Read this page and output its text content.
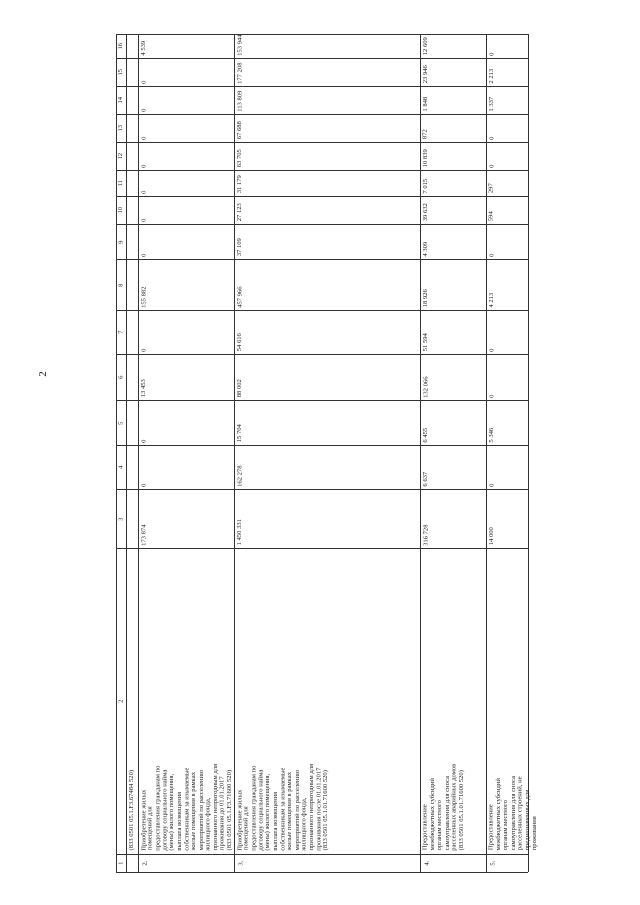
2
1
2
3
4
5
6
7
8
9
10
11
12
13
14
15
16
(833 0501 05.1.F3.67484 520)
2.
Приобретение жилых помещений для предоставления гражданам по договору социального найма (мены) жилого помещения, выплата возмещения собственникам за изымаемые жилые помещения в рамках мероприятий по расселению жилищного фонда, признанного непригодным для проживания до 01.01.2017 (833 0501 05.1.F3.71600 520)
173 874
0
0
13 453
0
155 882
0
0
0
0
0
0
0
4 539
3.
Приобретение жилых помещений для предоставления гражданам по договору социального найма (мены) жилого помещения, выплата возмещения собственникам за изымаемые жилые помещения в рамках мероприятий по расселению жилищного фонда, признанного непригодным для проживания после 01.01.2017 (833 0501 05.1.01.71600 520)
1 450 331
162 278
15 704
88 002
54 616
457 966
37 109
27 123
31 179
63 705
67 688
113 809
177 208
153 944
4.
Предоставление межбюджетных субсидий органам местного самоуправления для сноса расселенных аварийных домов (833 0501 05.1.01.71600 520)
316 728
6 637
6 455
132 066
51 594
18 926
4 309
39 632
7 015
10 839
872
1 848
23 946
12 609
5.
Предоставление межбюджетных субсидий органам местного самоуправления для сноса расселенных строений, не предназначенных для проживания
14 000
0
5 346
0
0
4 213
0
594
297
0
0
1 337
2 213
0
